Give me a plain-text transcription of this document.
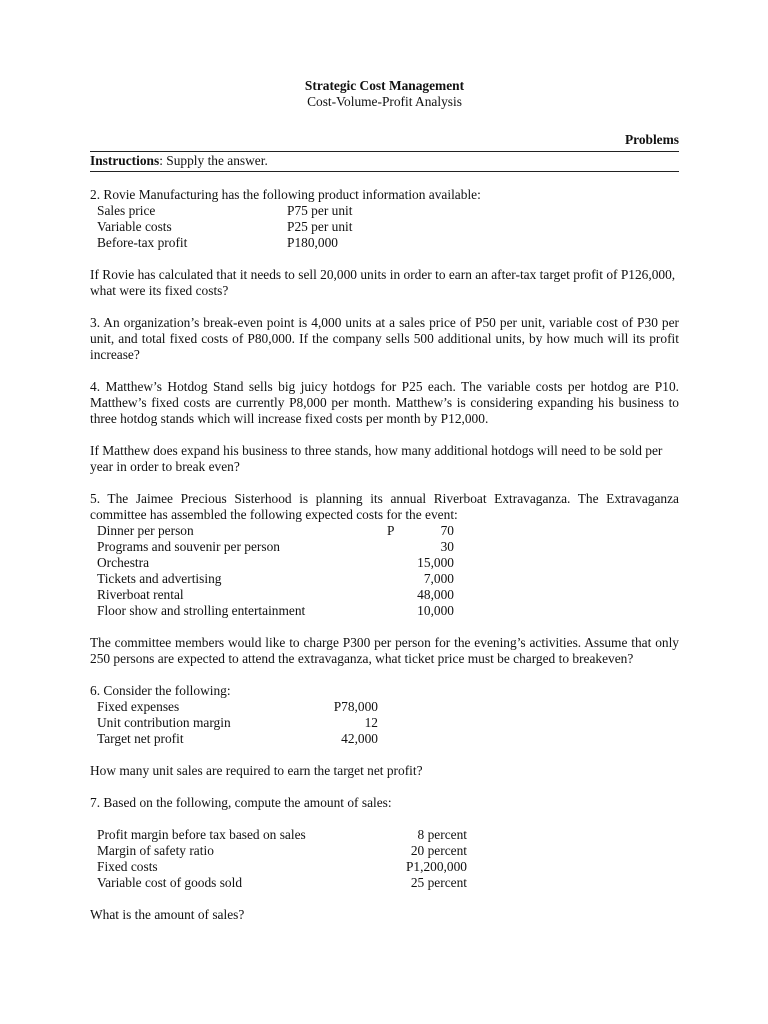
Strategic Cost Management
Cost-Volume-Profit Analysis
Problems
Instructions: Supply the answer.

2. Rovie Manufacturing has the following product information available:

Sales price	P75 per unit
Variable costs	P25 per unit
Before-tax profit	P180,000

If Rovie has calculated that it needs to sell 20,000 units in order to earn an after-tax target profit of P126,000, what were its fixed costs?

3. An organization’s break-even point is 4,000 units at a sales price of P50 per unit, variable cost of P30 per unit, and total fixed costs of P80,000. If the company sells 500 additional units, by how much will its profit increase?

4. Matthew’s Hotdog Stand sells big juicy hotdogs for P25 each. The variable costs per hotdog are P10. Matthew’s fixed costs are currently P8,000 per month. Matthew’s is considering expanding his business to three hotdog stands which will increase fixed costs per month by P12,000.

If Matthew does expand his business to three stands, how many additional hotdogs will need to be sold per year in order to break even?

5. The Jaimee Precious Sisterhood is planning its annual Riverboat Extravaganza. The Extravaganza committee has assembled the following expected costs for the event:

Dinner per person	P	70
Programs and souvenir per person	30
Orchestra	15,000
Tickets and advertising	7,000
Riverboat rental	48,000
Floor show and strolling entertainment	10,000

The committee members would like to charge P300 per person for the evening’s activities. Assume that only 250 persons are expected to attend the extravaganza, what ticket price must be charged to breakeven?

6. Consider the following:

Fixed expenses	P78,000
Unit contribution margin	12
Target net profit	42,000

How many unit sales are required to earn the target net profit?

7. Based on the following, compute the amount of sales:

Profit margin before tax based on sales	8 percent
Margin of safety ratio	20 percent
Fixed costs	P1,200,000
Variable cost of goods sold	25 percent

What is the amount of sales?
